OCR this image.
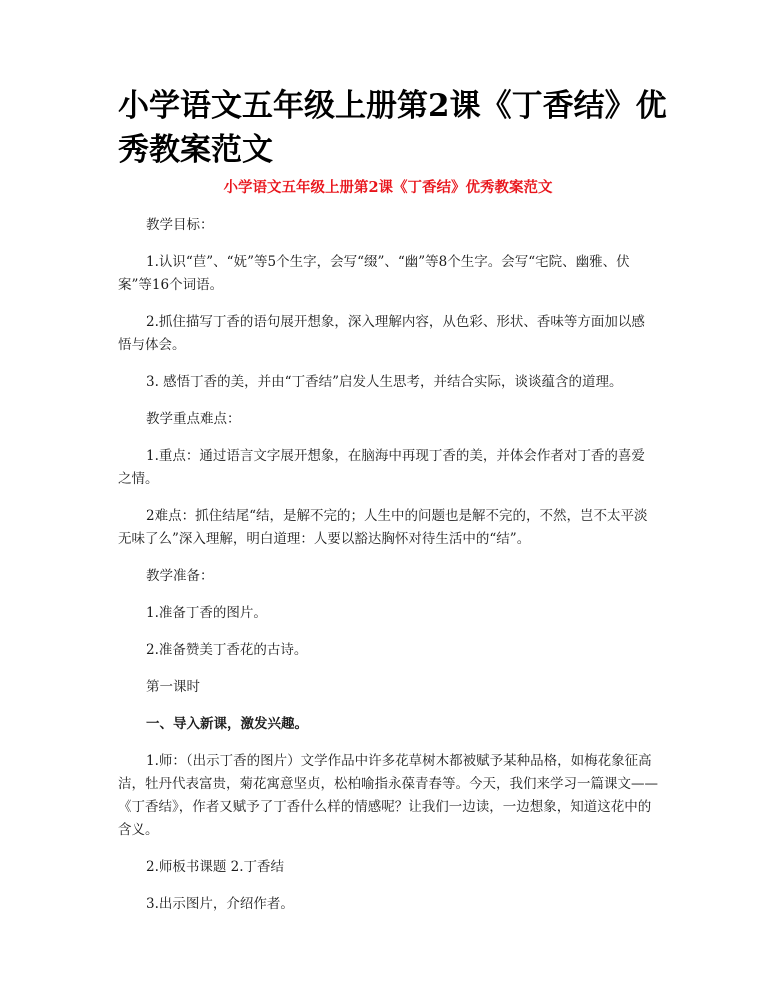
小学语文五年级上册第2课《丁香结》优秀教案范文
小学语文五年级上册第2课《丁香结》优秀教案范文

教学目标：

1.认识“苣”、“妩”等5个生字，会写“缀”、“幽”等8个生字。会写“宅院、幽雅、伏案”等16个词语。

2.抓住描写丁香的语句展开想象，深入理解内容，从色彩、形状、香味等方面加以感悟与体会。

3. 感悟丁香的美，并由“丁香结”启发人生思考，并结合实际，谈谈蕴含的道理。

教学重点难点：

1.重点：通过语言文字展开想象，在脑海中再现丁香的美，并体会作者对丁香的喜爱之情。

2难点：抓住结尾“结，是解不完的；人生中的问题也是解不完的，不然，岂不太平淡无味了么”深入理解，明白道理：人要以豁达胸怀对待生活中的“结”。

教学准备：

1.准备丁香的图片。

2.准备赞美丁香花的古诗。

第一课时

一、导入新课，激发兴趣。

1.师：（出示丁香的图片）文学作品中许多花草树木都被赋予某种品格，如梅花象征高洁，牡丹代表富贵，菊花寓意坚贞，松柏喻指永葆青春等。今天，我们来学习一篇课文——《丁香结》，作者又赋予了丁香什么样的情感呢？让我们一边读，一边想象，知道这花中的含义。

2.师板书课题 2.丁香结

3.出示图片，介绍作者。
